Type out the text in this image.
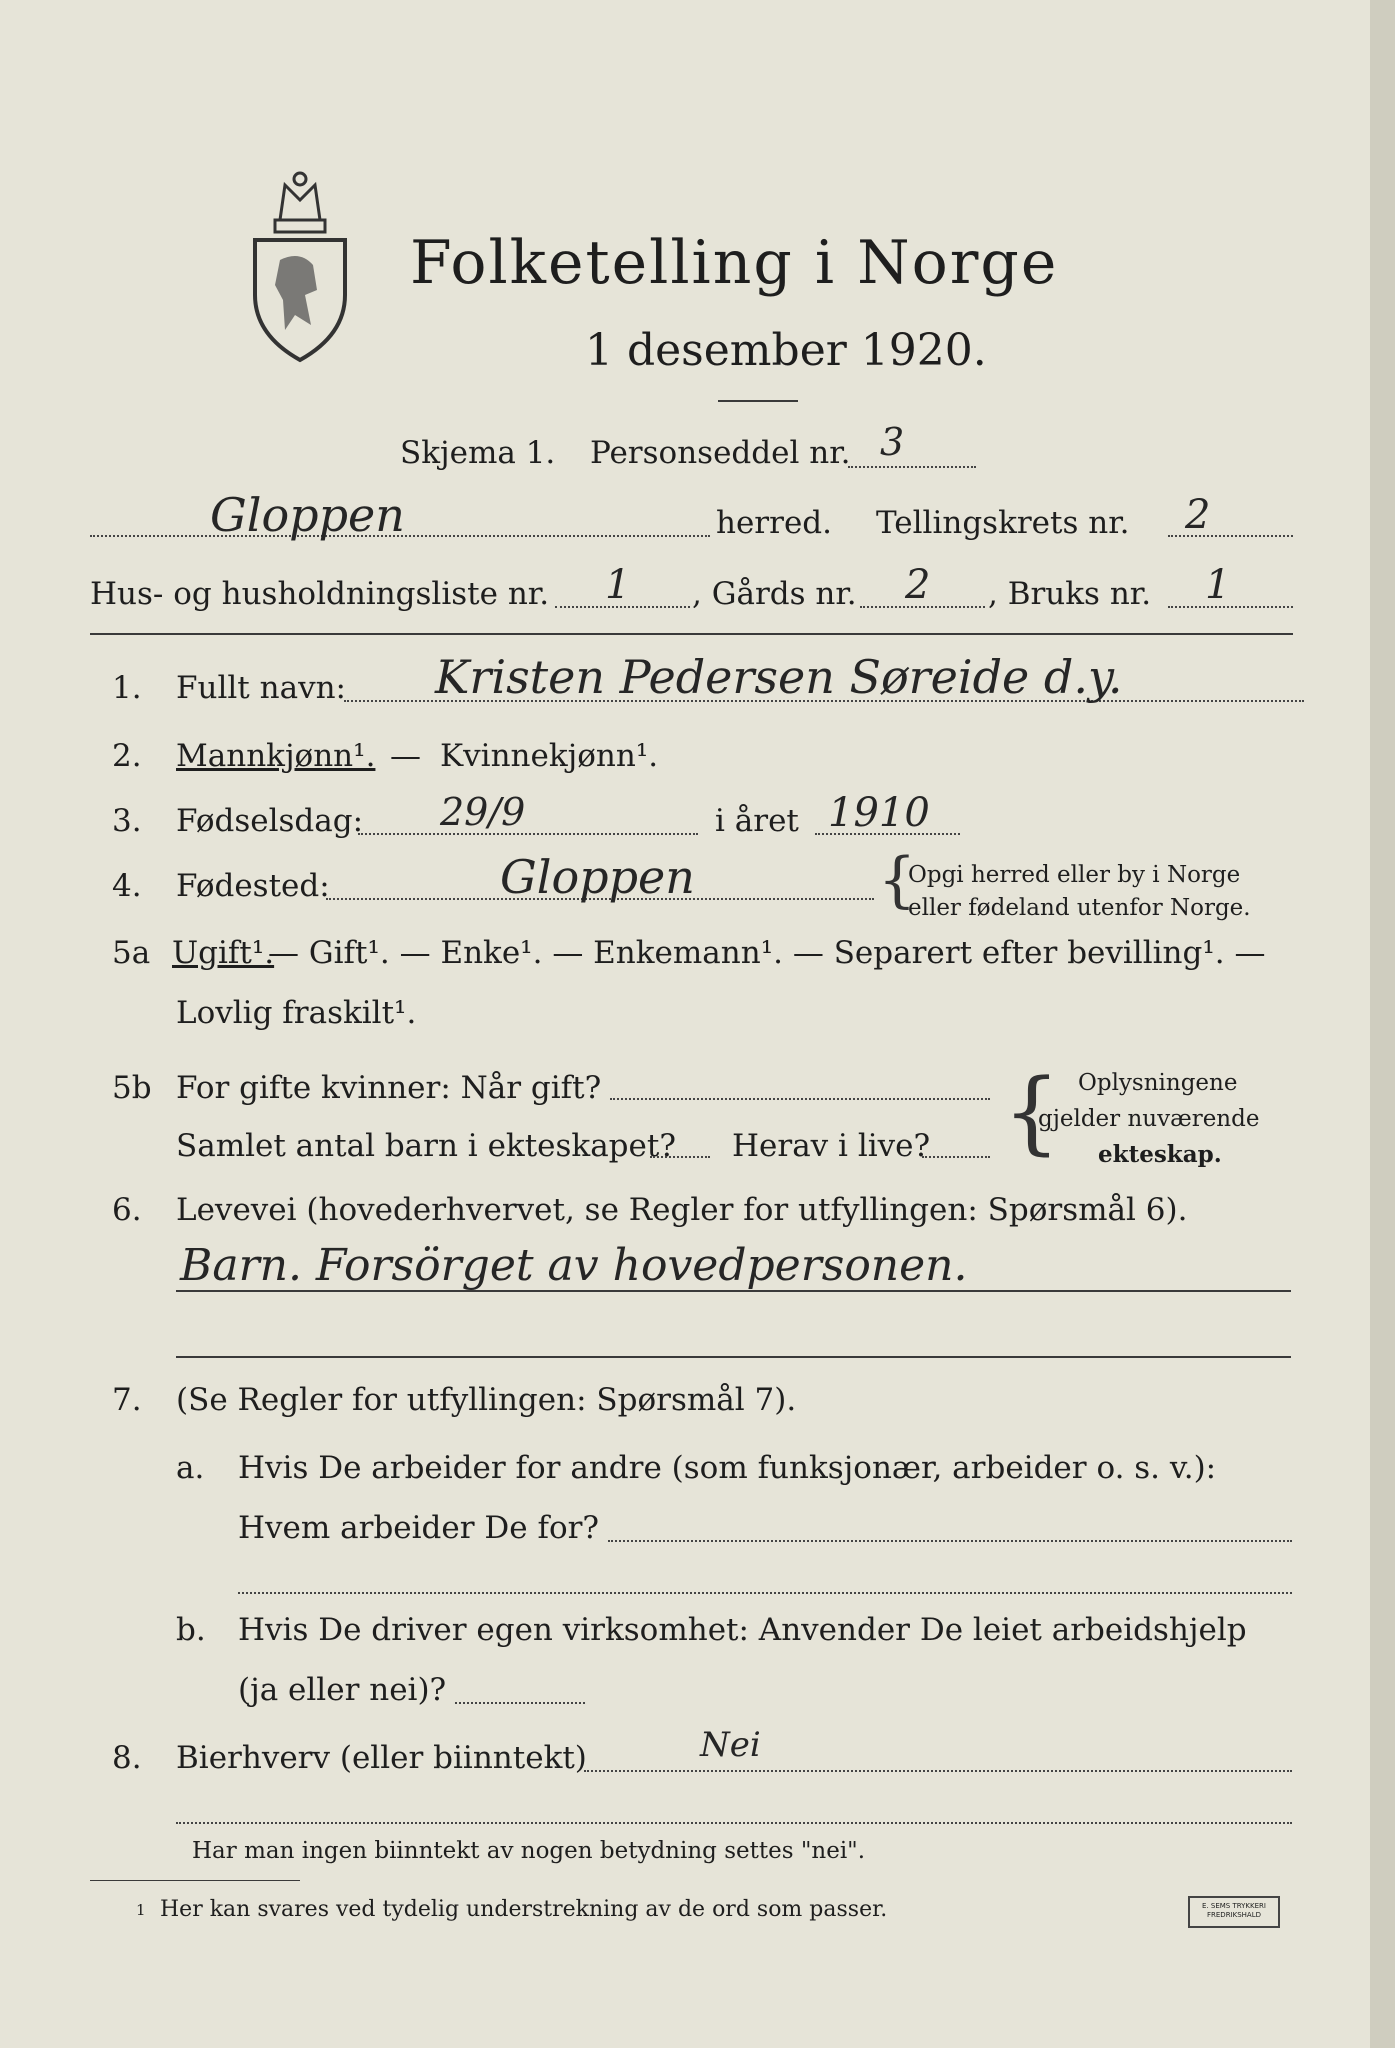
Folketelling i Norge
1 desember 1920.
Skjema 1. Personseddel nr. 3
Gloppen	herred. Tellingskrets nr. 2
Hus- og husholdningsliste nr. 1 , Gårds nr. 2 , Bruks nr. 1
1. Fullt navn: Kristen Pedersen Søreide d.y.
2. Mannkjønn¹. — Kvinnekjønn¹.
3. Fødselsdag: 29/9	i året 1910
4. Fødested:	Gloppen	{
Opgi herred eller by i Norge
eller fødeland utenfor Norge.
5a Ugift¹.
— Gift¹. — Enke¹. — Enkemann¹. — Separert efter bevilling¹. —
Lovlig fraskilt¹.
5b For gifte kvinner: Når gift?
Samlet antal barn i ekteskapet? Herav i live? { Oplysningene
gjelder nuværende
ekteskap.
6. Levevei (hovederhvervet, se Regler for utfyllingen: Spørsmål 6).
Barn. Forsörget av hovedpersonen.
7. (Se Regler for utfyllingen: Spørsmål 7).
a. Hvis De arbeider for andre (som funksjonær, arbeider o. s. v.):
Hvem arbeider De for?
b. Hvis De driver egen virksomhet: Anvender De leiet arbeidshjelp
(ja eller nei)?
8. Bierhverv (eller biinntekt)	Nei
Har man ingen biinntekt av nogen betydning settes "nei".
1 Her kan svares ved tydelig understrekning av de ord som passer.	E. SEMS TRYKKERI
FREDRIKSHALD
